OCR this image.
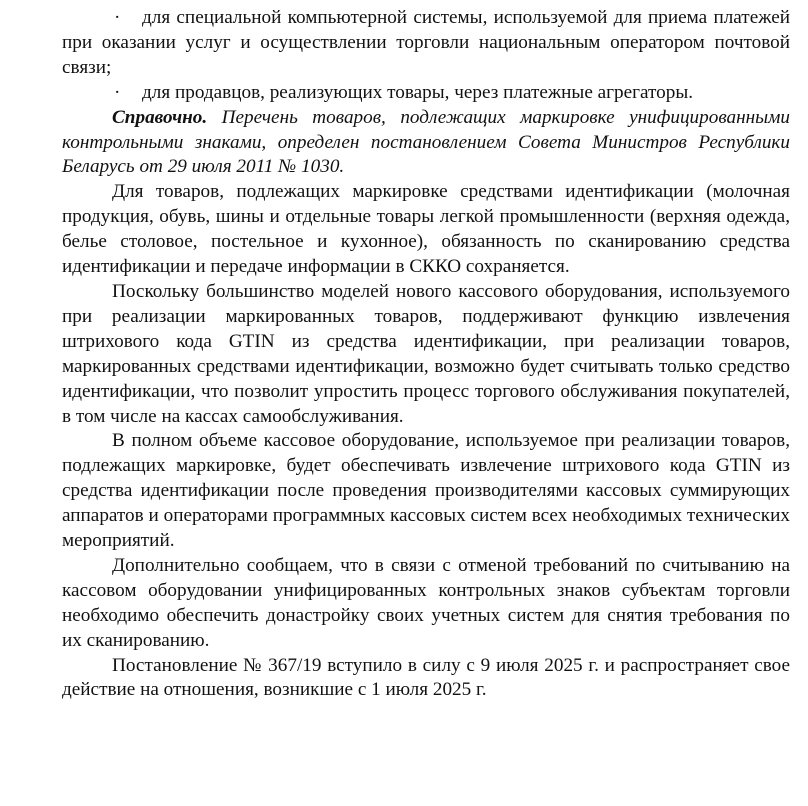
· для специальной компьютерной системы, используемой для приема платежей при оказании услуг и осуществлении торговли национальным оператором почтовой связи;
· для продавцов, реализующих товары, через платежные агрегаторы.

Справочно. Перечень товаров, подлежащих маркировке унифицированными контрольными знаками, определен постановлением Совета Министров Республики Беларусь от 29 июля 2011 № 1030.

Для товаров, подлежащих маркировке средствами идентификации (молочная продукция, обувь, шины и отдельные товары легкой промышленности (верхняя одежда, белье столовое, постельное и кухонное), обязанность по сканированию средства идентификации и передаче информации в СККО сохраняется.

Поскольку большинство моделей нового кассового оборудования, используемого при реализации маркированных товаров, поддерживают функцию извлечения штрихового кода GTIN из средства идентификации, при реализации товаров, маркированных средствами идентификации, возможно будет считывать только средство идентификации, что позволит упростить процесс торгового обслуживания покупателей, в том числе на кассах самообслуживания.

В полном объеме кассовое оборудование, используемое при реализации товаров, подлежащих маркировке, будет обеспечивать извлечение штрихового кода GTIN из средства идентификации после проведения производителями кассовых суммирующих аппаратов и операторами программных кассовых систем всех необходимых технических мероприятий.

Дополнительно сообщаем, что в связи с отменой требований по считыванию на кассовом оборудовании унифицированных контрольных знаков субъектам торговли необходимо обеспечить донастройку своих учетных систем для снятия требования по их сканированию.

Постановление № 367/19 вступило в силу с 9 июля 2025 г. и распространяет свое действие на отношения, возникшие с 1 июля 2025 г.
